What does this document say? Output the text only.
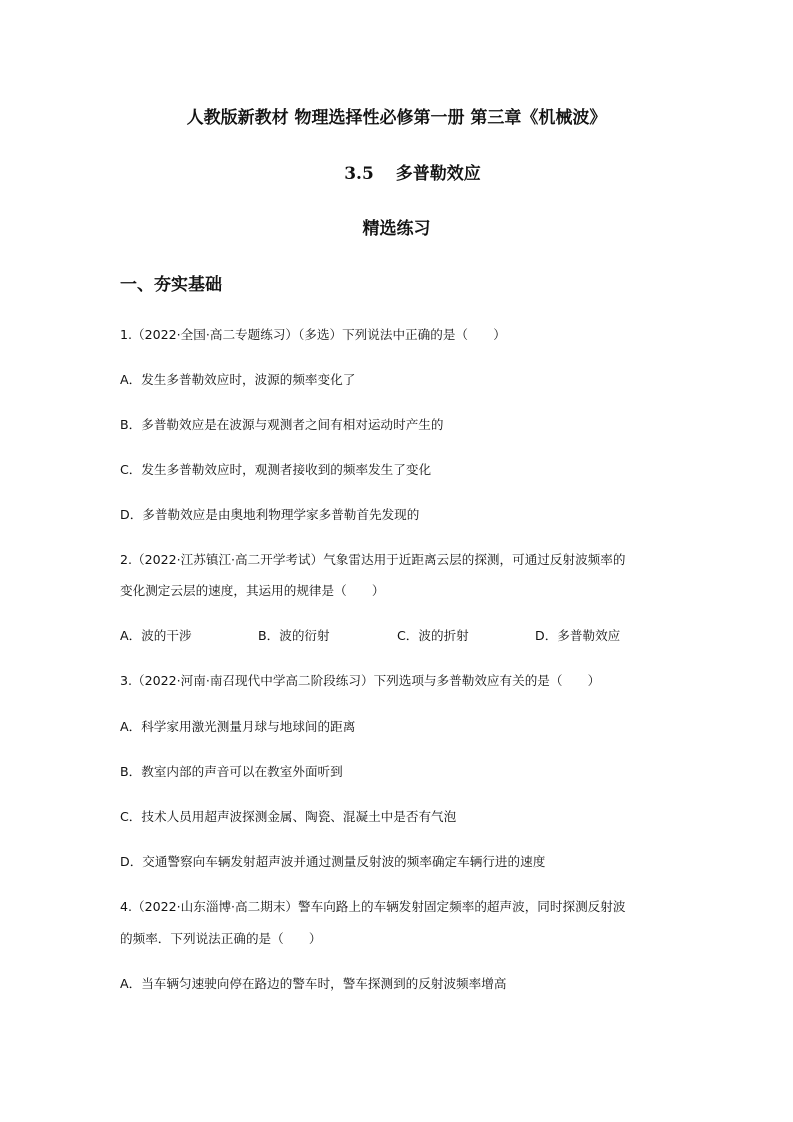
人教版新教材 物理选择性必修第一册 第三章《机械波》
3.5 多普勒效应
精选练习
一、夯实基础
1.（2022·全国·高二专题练习）（多选）下列说法中正确的是（　　）
A．发生多普勒效应时，波源的频率变化了
B．多普勒效应是在波源与观测者之间有相对运动时产生的
C．发生多普勒效应时，观测者接收到的频率发生了变化
D．多普勒效应是由奥地利物理学家多普勒首先发现的
2.（2022·江苏镇江·高二开学考试）气象雷达用于近距离云层的探测，可通过反射波频率的
变化测定云层的速度，其运用的规律是（　　）
A．波的干涉	B．波的衍射	C．波的折射	D．多普勒效应
3.（2022·河南·南召现代中学高二阶段练习）下列选项与多普勒效应有关的是（　　）
A．科学家用激光测量月球与地球间的距离
B．教室内部的声音可以在教室外面听到
C．技术人员用超声波探测金属、陶瓷、混凝土中是否有气泡
D．交通警察向车辆发射超声波并通过测量反射波的频率确定车辆行进的速度
4.（2022·山东淄博·高二期末）警车向路上的车辆发射固定频率的超声波，同时探测反射波
的频率．下列说法正确的是（　　）
A．当车辆匀速驶向停在路边的警车时，警车探测到的反射波频率增高
